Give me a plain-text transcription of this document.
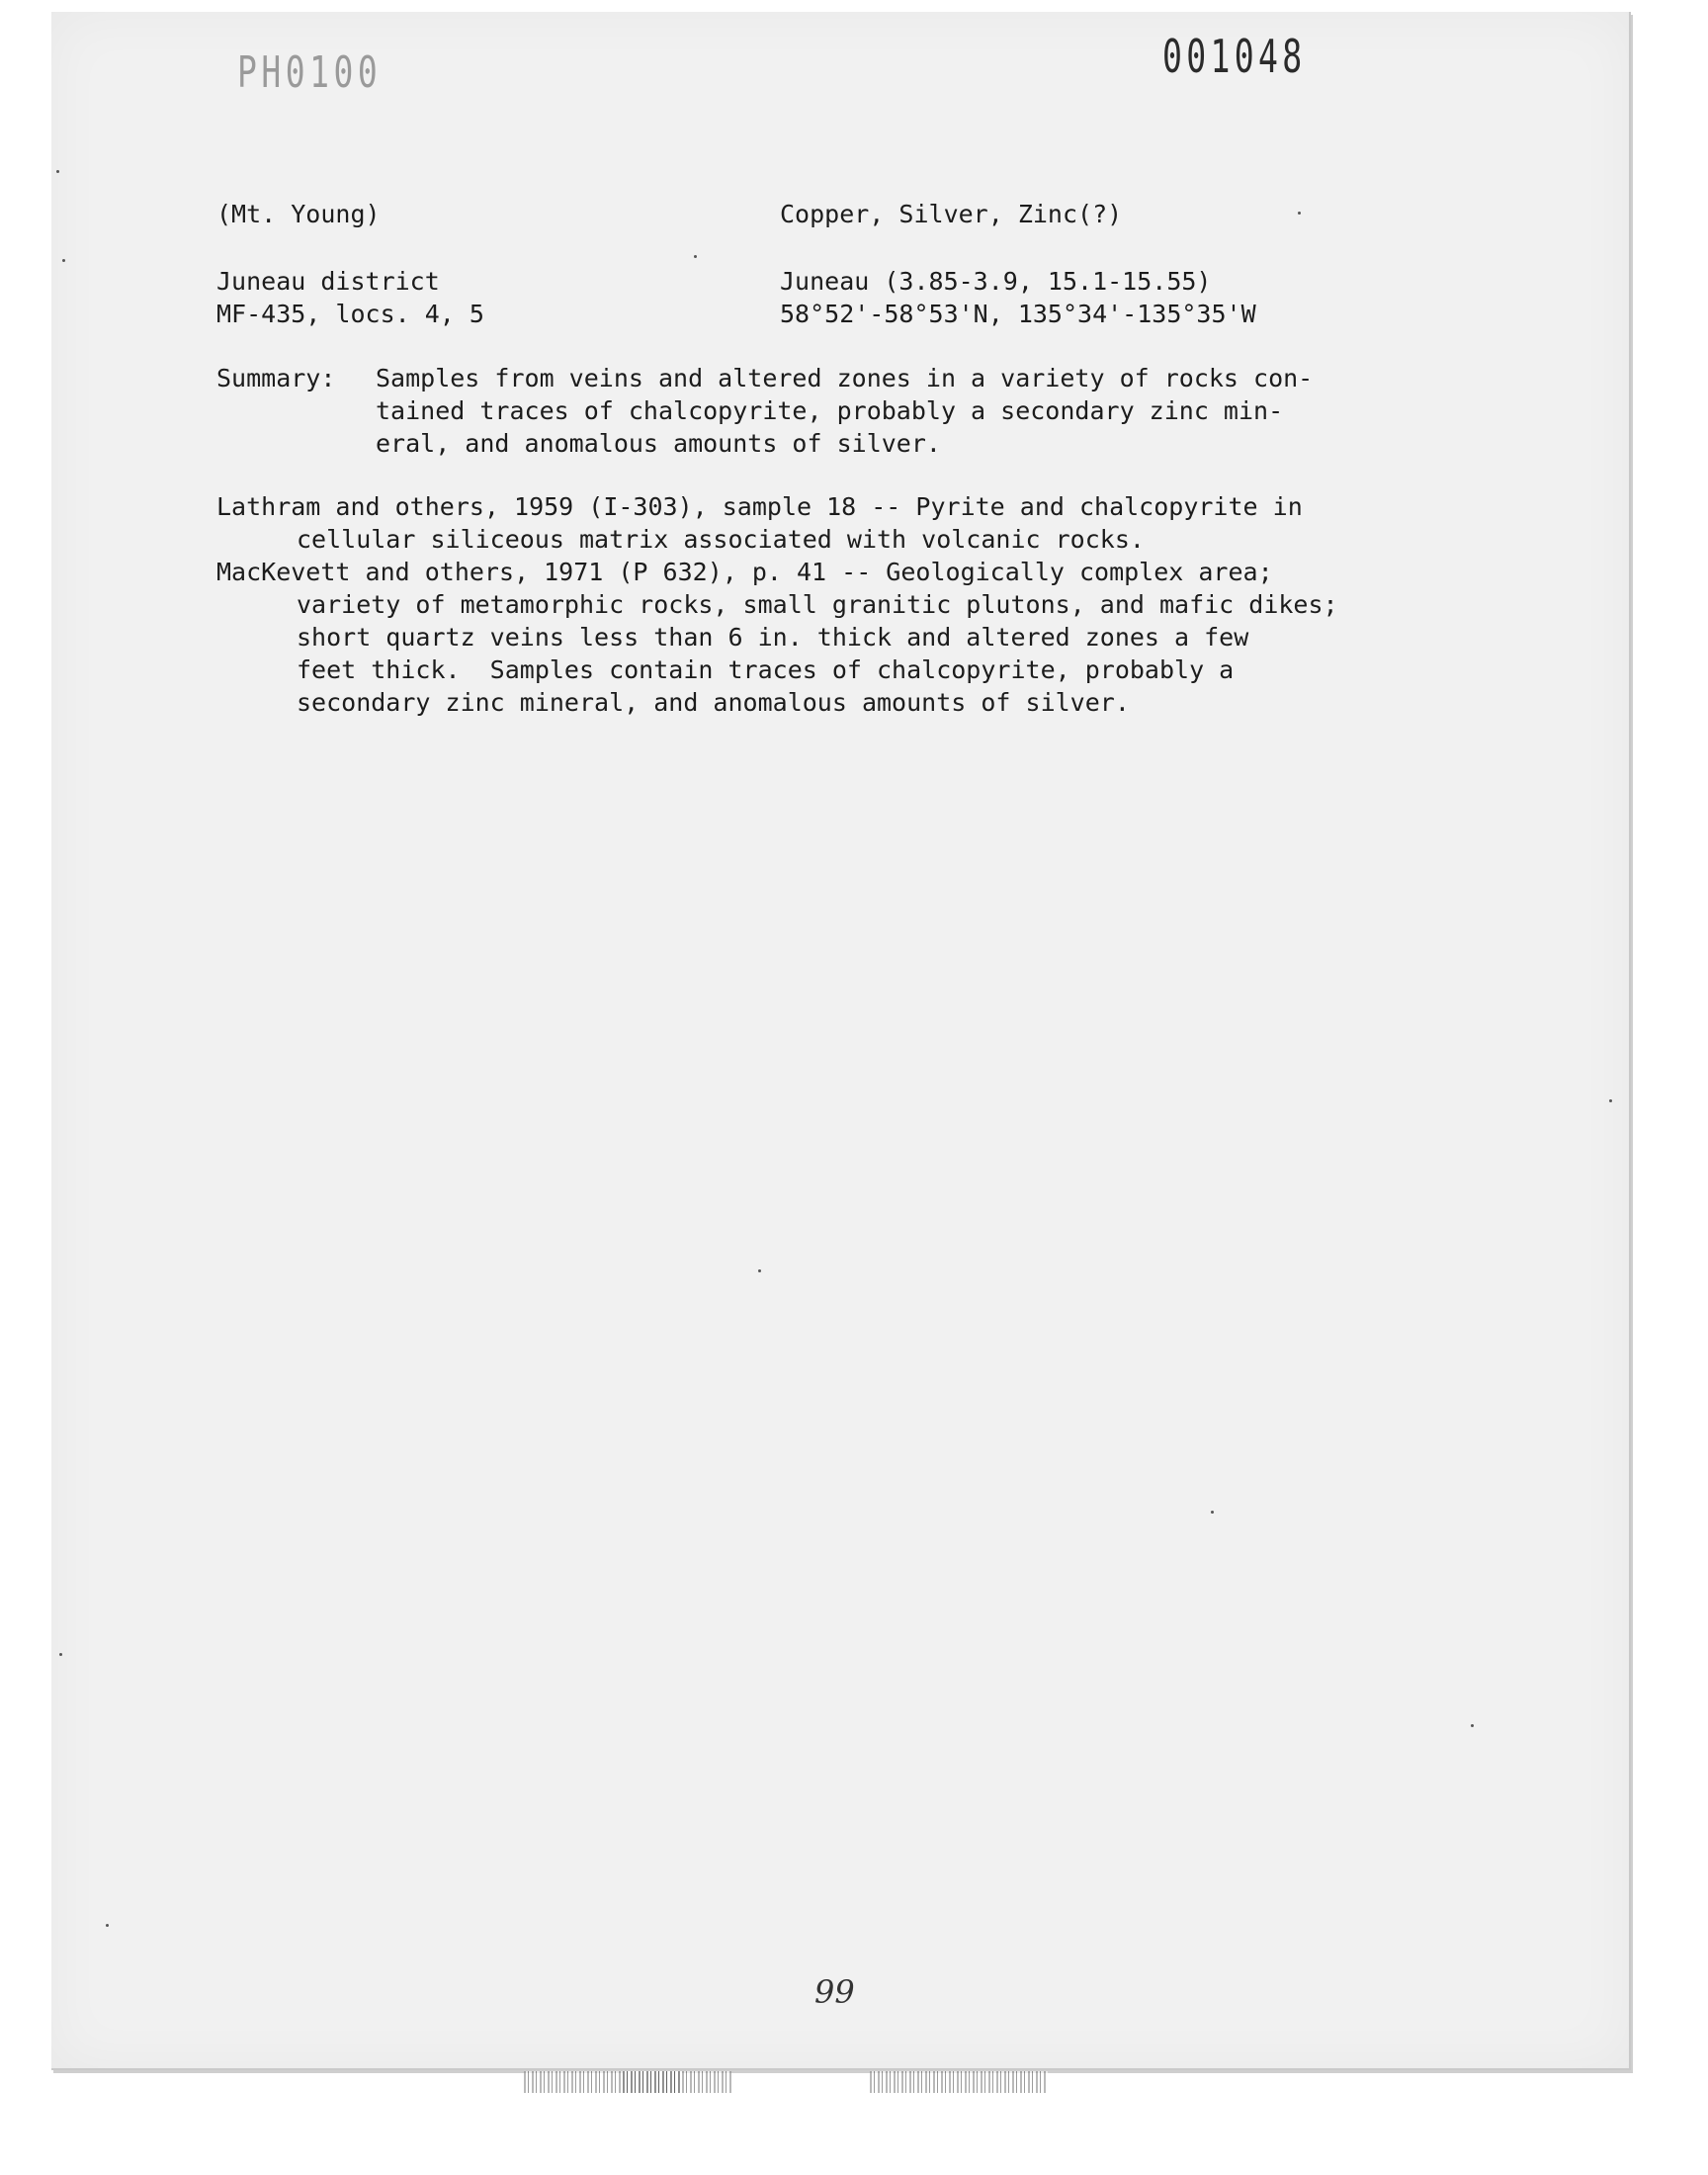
PH0100	001048
(Mt. Young)	Copper, Silver, Zinc(?)
Juneau district	Juneau (3.85-3.9, 15.1-15.55)
MF-435, locs. 4, 5	58°52'-58°53'N, 135°34'-135°35'W
Summary: Samples from veins and altered zones in a variety of rocks con-
tained traces of chalcopyrite, probably a secondary zinc min-
eral, and anomalous amounts of silver.
Lathram and others, 1959 (I-303), sample 18 -- Pyrite and chalcopyrite in
cellular siliceous matrix associated with volcanic rocks.
MacKevett and others, 1971 (P 632), p. 41 -- Geologically complex area;
variety of metamorphic rocks, small granitic plutons, and mafic dikes;
short quartz veins less than 6 in. thick and altered zones a few
feet thick.  Samples contain traces of chalcopyrite, probably a
secondary zinc mineral, and anomalous amounts of silver.
99
